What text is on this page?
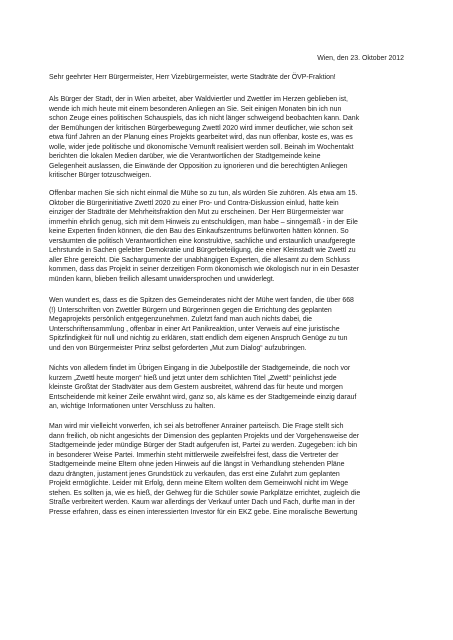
Wien, den 23. Oktober 2012

Sehr geehrter Herr Bürgermeister, Herr Vizebürgermeister, werte Stadträte der ÖVP-Fraktion!

Als Bürger der Stadt, der in Wien arbeitet, aber Waldviertler und Zwettler im Herzen geblieben ist,
wende ich mich heute mit einem besonderen Anliegen an Sie. Seit einigen Monaten bin ich nun
schon Zeuge eines politischen Schauspiels, das ich nicht länger schweigend beobachten kann. Dank
der Bemühungen der kritischen Bürgerbewegung Zwettl 2020 wird immer deutlicher, wie schon seit
etwa fünf Jahren an der Planung eines Projekts gearbeitet wird, das nun offenbar, koste es, was es
wolle, wider jede politische und ökonomische Vernunft realisiert werden soll. Beinah im Wochentakt
berichten die lokalen Medien darüber, wie die Verantwortlichen der Stadtgemeinde keine
Gelegenheit auslassen, die Einwände der Opposition zu ignorieren und die berechtigten Anliegen
kritischer Bürger totzuschweigen.

Offenbar machen Sie sich nicht einmal die Mühe so zu tun, als würden Sie zuhören. Als etwa am 15.
Oktober die Bürgerinitiative Zwettl 2020 zu einer Pro- und Contra-Diskussion einlud, hatte kein
einziger der Stadträte der Mehrheitsfraktion den Mut zu erscheinen. Der Herr Bürgermeister war
immerhin ehrlich genug, sich mit dem Hinweis zu entschuldigen, man habe – sinngemäß - in der Eile
keine Experten finden können, die den Bau des Einkaufszentrums befürworten hätten können. So
versäumten die politisch Verantwortlichen eine konstruktive, sachliche und erstaunlich unaufgeregte
Lehrstunde in Sachen gelebter Demokratie und Bürgerbeteiligung, die einer Kleinstadt wie Zwettl zu
aller Ehre gereicht. Die Sachargumente der unabhängigen Experten, die allesamt zu dem Schluss
kommen, dass das Projekt in seiner derzeitigen Form ökonomisch wie ökologisch nur in ein Desaster
münden kann, blieben freilich allesamt unwidersprochen und unwiderlegt.

Wen wundert es, dass es die Spitzen des Gemeinderates nicht der Mühe wert fanden, die über 668
(!) Unterschriften von Zwettler Bürgern und Bürgerinnen gegen die Errichtung des geplanten
Megaprojekts persönlich entgegenzunehmen. Zuletzt fand man auch nichts dabei, die
Unterschriftensammlung , offenbar in einer Art Panikreaktion, unter Verweis auf eine juristische
Spitzfindigkeit für null und nichtig zu erklären, statt endlich dem eigenen Anspruch Genüge zu tun
und den von Bürgermeister Prinz selbst geforderten „Mut zum Dialog“ aufzubringen.

Nichts von alledem findet im Übrigen Eingang in die Jubelpostille der Stadtgemeinde, die noch vor
kurzem „Zwettl heute morgen“ hieß und jetzt unter dem schlichten Titel „Zwettl“ peinlichst jede
kleinste Großtat der Stadtväter aus dem Gestern ausbreitet, während das für heute und morgen
Entscheidende mit keiner Zeile erwähnt wird, ganz so, als käme es der Stadtgemeinde einzig darauf
an, wichtige Informationen unter Verschluss zu halten.

Man wird mir vielleicht vorwerfen, ich sei als betroffener Anrainer parteiisch. Die Frage stellt sich
dann freilich, ob nicht angesichts der Dimension des geplanten Projekts und der Vorgehensweise der
Stadtgemeinde jeder mündige Bürger der Stadt aufgerufen ist, Partei zu werden. Zugegeben: ich bin
in besonderer Weise Partei. Immerhin steht mittlerweile zweifelsfrei fest, dass die Vertreter der
Stadtgemeinde meine Eltern ohne jeden Hinweis auf die längst in Verhandlung stehenden Pläne
dazu drängten, justament jenes Grundstück zu verkaufen, das erst eine Zufahrt zum geplanten
Projekt ermöglichte. Leider mit Erfolg, denn meine Eltern wollten dem Gemeinwohl nicht im Wege
stehen. Es sollten ja, wie es hieß, der Gehweg für die Schüler sowie Parkplätze errichtet, zugleich die
Straße verbreitert werden. Kaum war allerdings der Verkauf unter Dach und Fach, durfte man in der
Presse erfahren, dass es einen interessierten Investor für ein EKZ gebe. Eine moralische Bewertung
